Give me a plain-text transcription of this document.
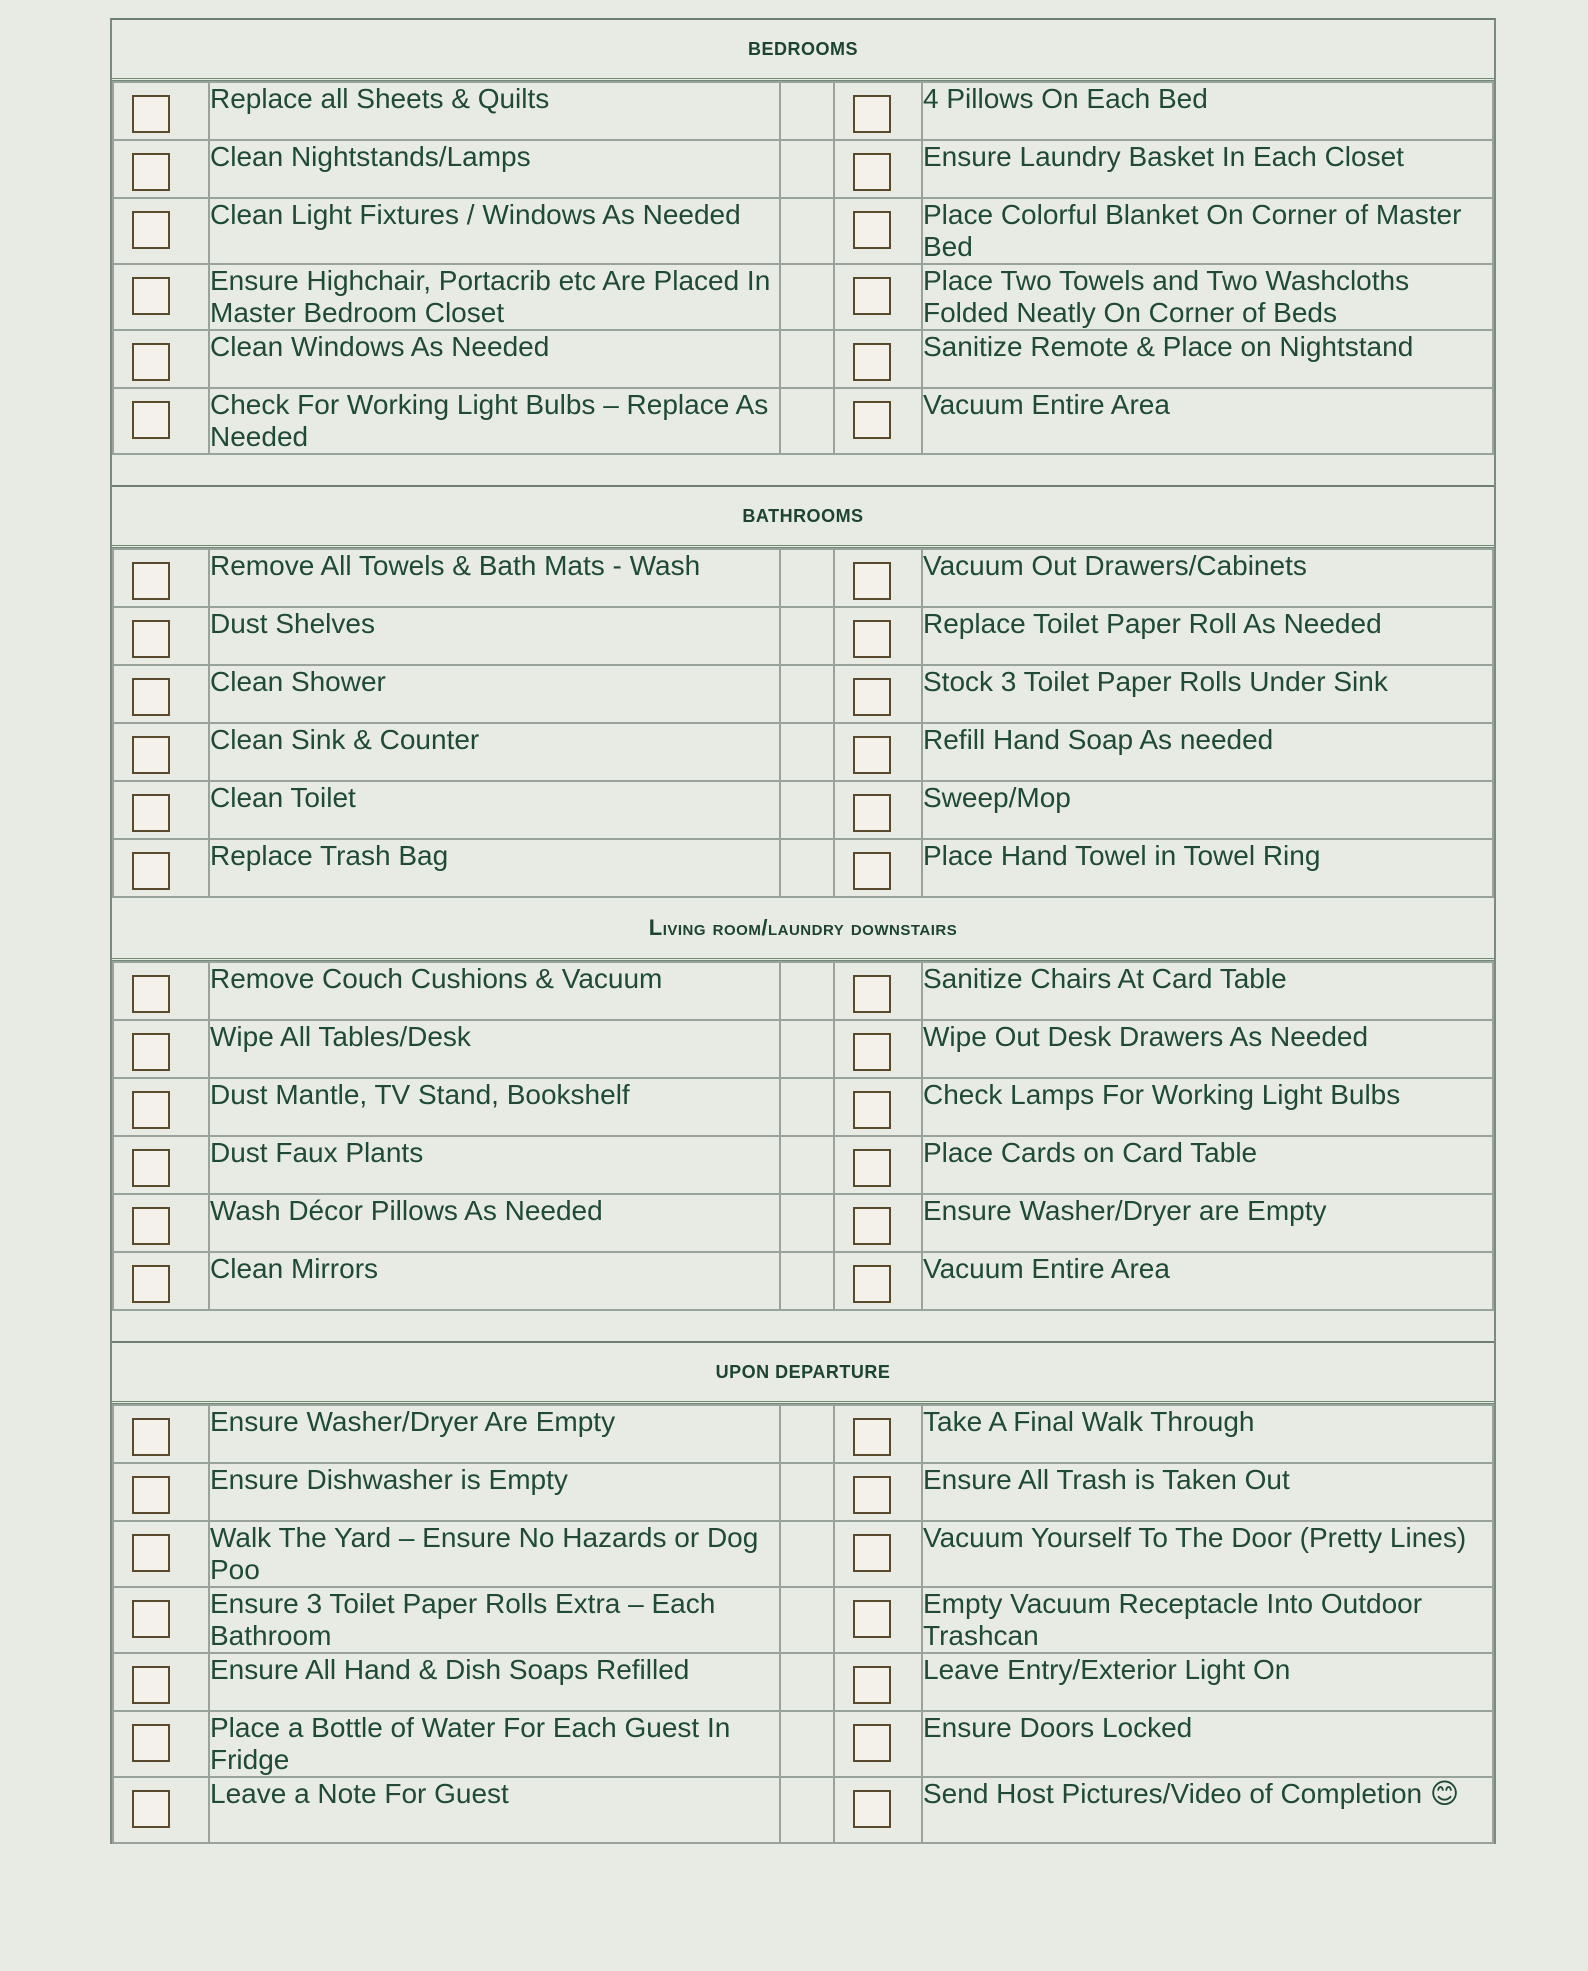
BEDROOMS
	Replace all Sheets & Quilts			4 Pillows On Each Bed

	Clean Nightstands/Lamps			Ensure Laundry Basket In Each Closet

	Clean Light Fixtures / Windows As Needed			Place Colorful Blanket On Corner of Master Bed

	Ensure Highchair, Portacrib etc Are Placed In Master Bedroom Closet			Place Two Towels and Two Washcloths Folded Neatly On Corner of Beds

	Clean Windows As Needed			Sanitize Remote & Place on Nightstand

	Check For Working Light Bulbs – Replace As Needed			Vacuum Entire Area
BATHROOMS
	Remove All Towels & Bath Mats - Wash			Vacuum Out Drawers/Cabinets

	Dust Shelves			Replace Toilet Paper Roll As Needed

	Clean Shower			Stock 3 Toilet Paper Rolls Under Sink

	Clean Sink & Counter			Refill Hand Soap As needed

	Clean Toilet			Sweep/Mop

	Replace Trash Bag			Place Hand Towel in Towel Ring
Living room/laundry downstairs
	Remove Couch Cushions & Vacuum			Sanitize Chairs At Card Table

	Wipe All Tables/Desk			Wipe Out Desk Drawers As Needed

	Dust Mantle, TV Stand, Bookshelf			Check Lamps For Working Light Bulbs

	Dust Faux Plants			Place Cards on Card Table

	Wash Décor Pillows As Needed			Ensure Washer/Dryer are Empty

	Clean Mirrors			Vacuum Entire Area
UPON DEPARTURE
	Ensure Washer/Dryer Are Empty			Take A Final Walk Through

	Ensure Dishwasher is Empty			Ensure All Trash is Taken Out

	Walk The Yard – Ensure No Hazards or Dog Poo			Vacuum Yourself To The Door (Pretty Lines)

	Ensure 3 Toilet Paper Rolls Extra – Each Bathroom			Empty Vacuum Receptacle Into Outdoor Trashcan

	Ensure All Hand & Dish Soaps Refilled			Leave Entry/Exterior Light On

	Place a Bottle of Water For Each Guest In Fridge			Ensure Doors Locked

	Leave a Note For Guest			Send Host Pictures/Video of Completion 😊
